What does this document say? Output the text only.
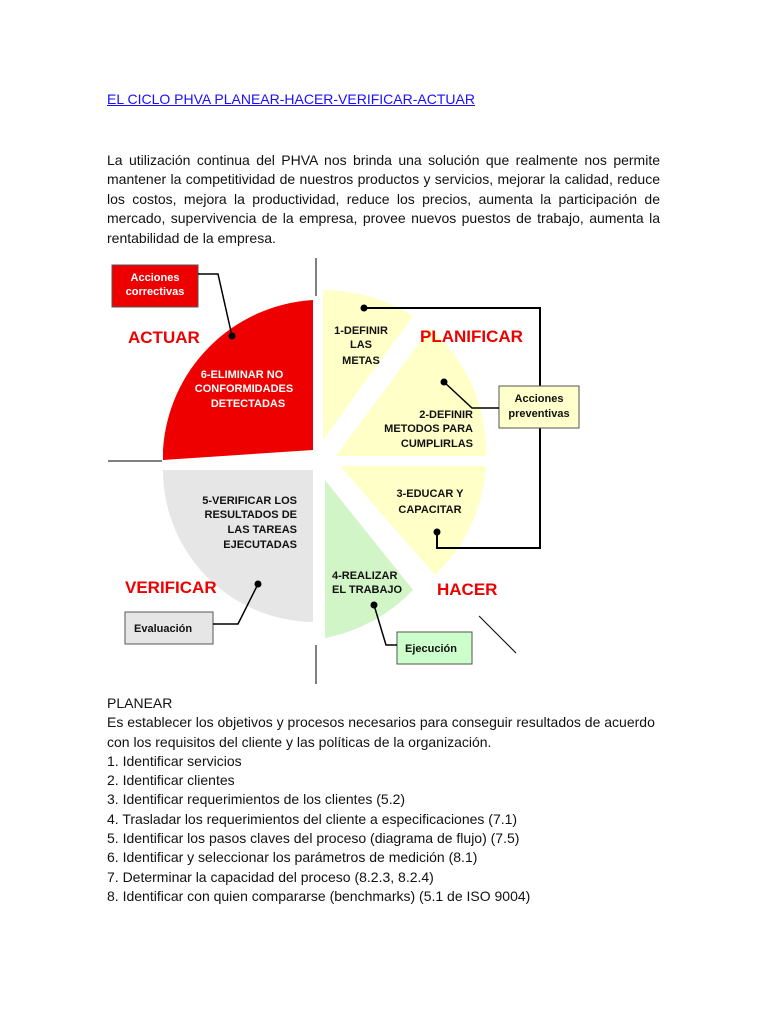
EL CICLO PHVA PLANEAR-HACER-VERIFICAR-ACTUAR
La utilización continua del PHVA nos brinda una solución que realmente nos permite mantener la competitividad de nuestros productos y servicios, mejorar la calidad, reduce los costos, mejora la productividad, reduce los precios, aumenta la participación de mercado, supervivencia de la empresa, provee nuevos puestos de trabajo, aumenta la rentabilidad de la empresa.
ACTUAR	PLANIFICAR
VERIFICAR	HACER
1-DEFINIR
LAS
METAS
2-DEFINIR
METODOS PARA
CUMPLIRLAS
3-EDUCAR Y
CAPACITAR
4-REALIZAR
EL TRABAJO
5-VERIFICAR LOS
RESULTADOS DE
LAS TAREAS
EJECUTADAS
6-ELIMINAR NO
CONFORMIDADES
DETECTADAS
Acciones
correctivas
Acciones
preventivas
Evaluación
Ejecución

PLANEAR

Es establecer los objetivos y procesos necesarios para conseguir resultados de acuerdo con los requisitos del cliente y las políticas de la organización.

1. Identificar servicios
2. Identificar clientes
3. Identificar requerimientos de los clientes (5.2)
4. Trasladar los requerimientos del cliente a especificaciones (7.1)
5. Identificar los pasos claves del proceso (diagrama de flujo) (7.5)
6. Identificar y seleccionar los parámetros de medición (8.1)
7. Determinar la capacidad del proceso (8.2.3, 8.2.4)
8. Identificar con quien compararse (benchmarks) (5.1 de ISO 9004)
